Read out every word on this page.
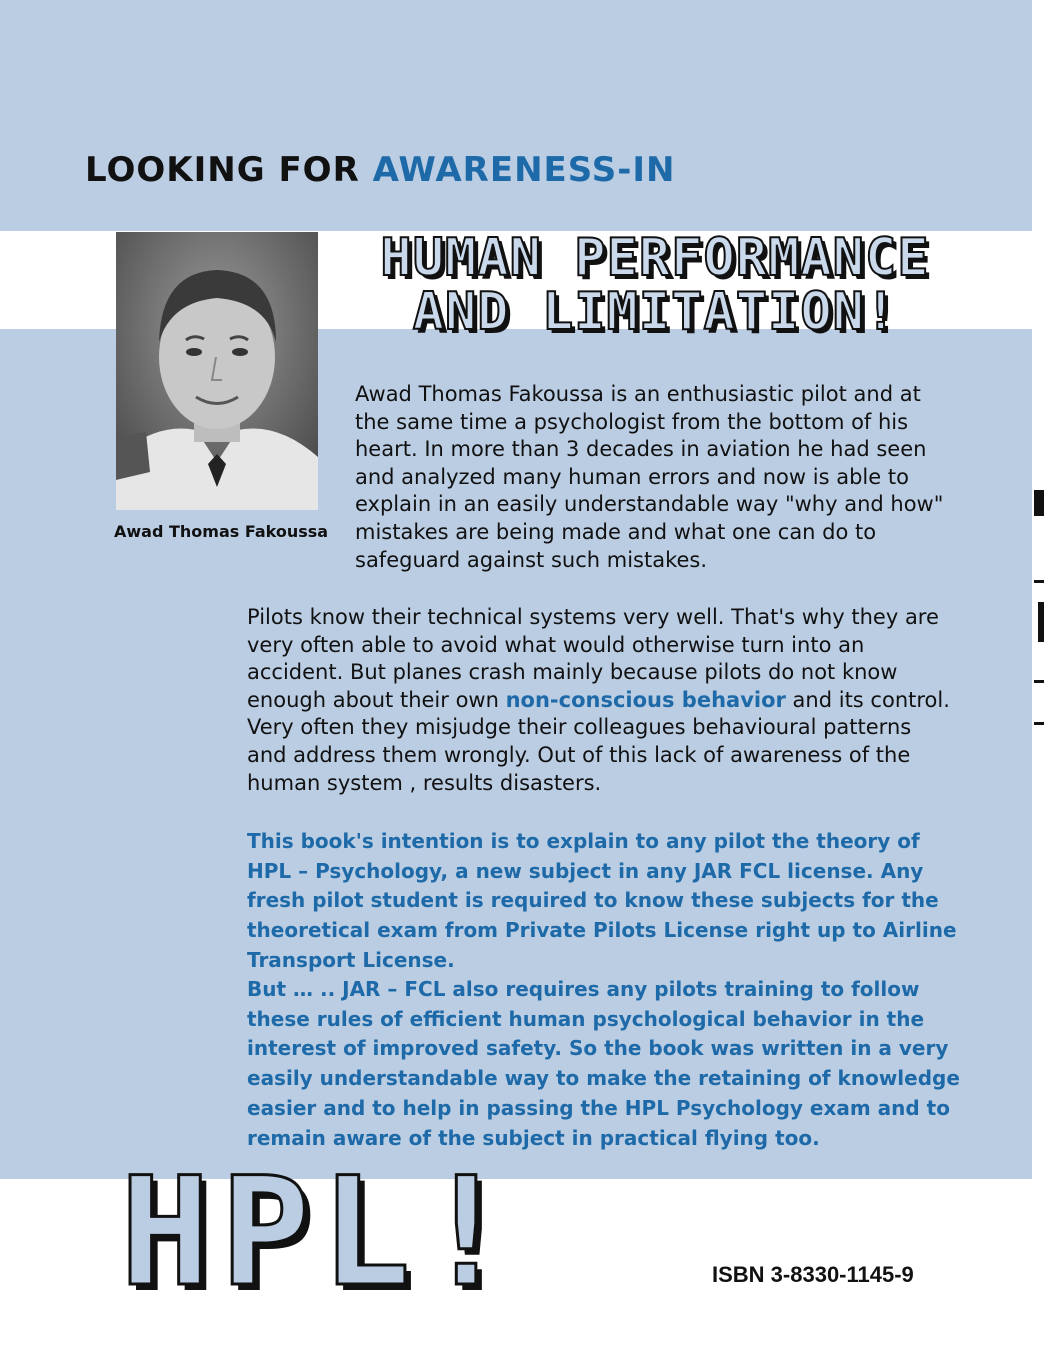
LOOKING FOR AWARENESS-IN
Awad Thomas Fakoussa
HUMAN PERFORMANCE
AND LIMITATION!
Awad Thomas Fakoussa is an enthusiastic pilot and at the same time a psychologist from the bottom of his heart. In more than 3 decades in aviation he had seen and analyzed many human errors and now is able to explain in an easily understandable way "why and how" mistakes are being made and what one can do to safeguard against such mistakes.
Pilots know their technical systems very well. That's why they are very often able to avoid what would otherwise turn into an accident. But planes crash mainly because pilots do not know enough about their own non-conscious behavior and its control. Very often they misjudge their colleagues behavioural patterns and address them wrongly. Out of this lack of awareness of the human system , results disasters.
This book's intention is to explain to any pilot the theory of HPL – Psychology, a new subject in any JAR FCL license. Any fresh pilot student is required to know these subjects for the theoretical exam from Private Pilots License right up to Airline Transport License.
But … .. JAR – FCL also requires any pilots training to follow these rules of efficient human psychological behavior in the interest of improved safety. So the book was written in a very easily understandable way to make the retaining of knowledge easier and to help in passing the HPL Psychology exam and to remain aware of the subject in practical flying too.
HPL!	ISBN 3-8330-1145-9
